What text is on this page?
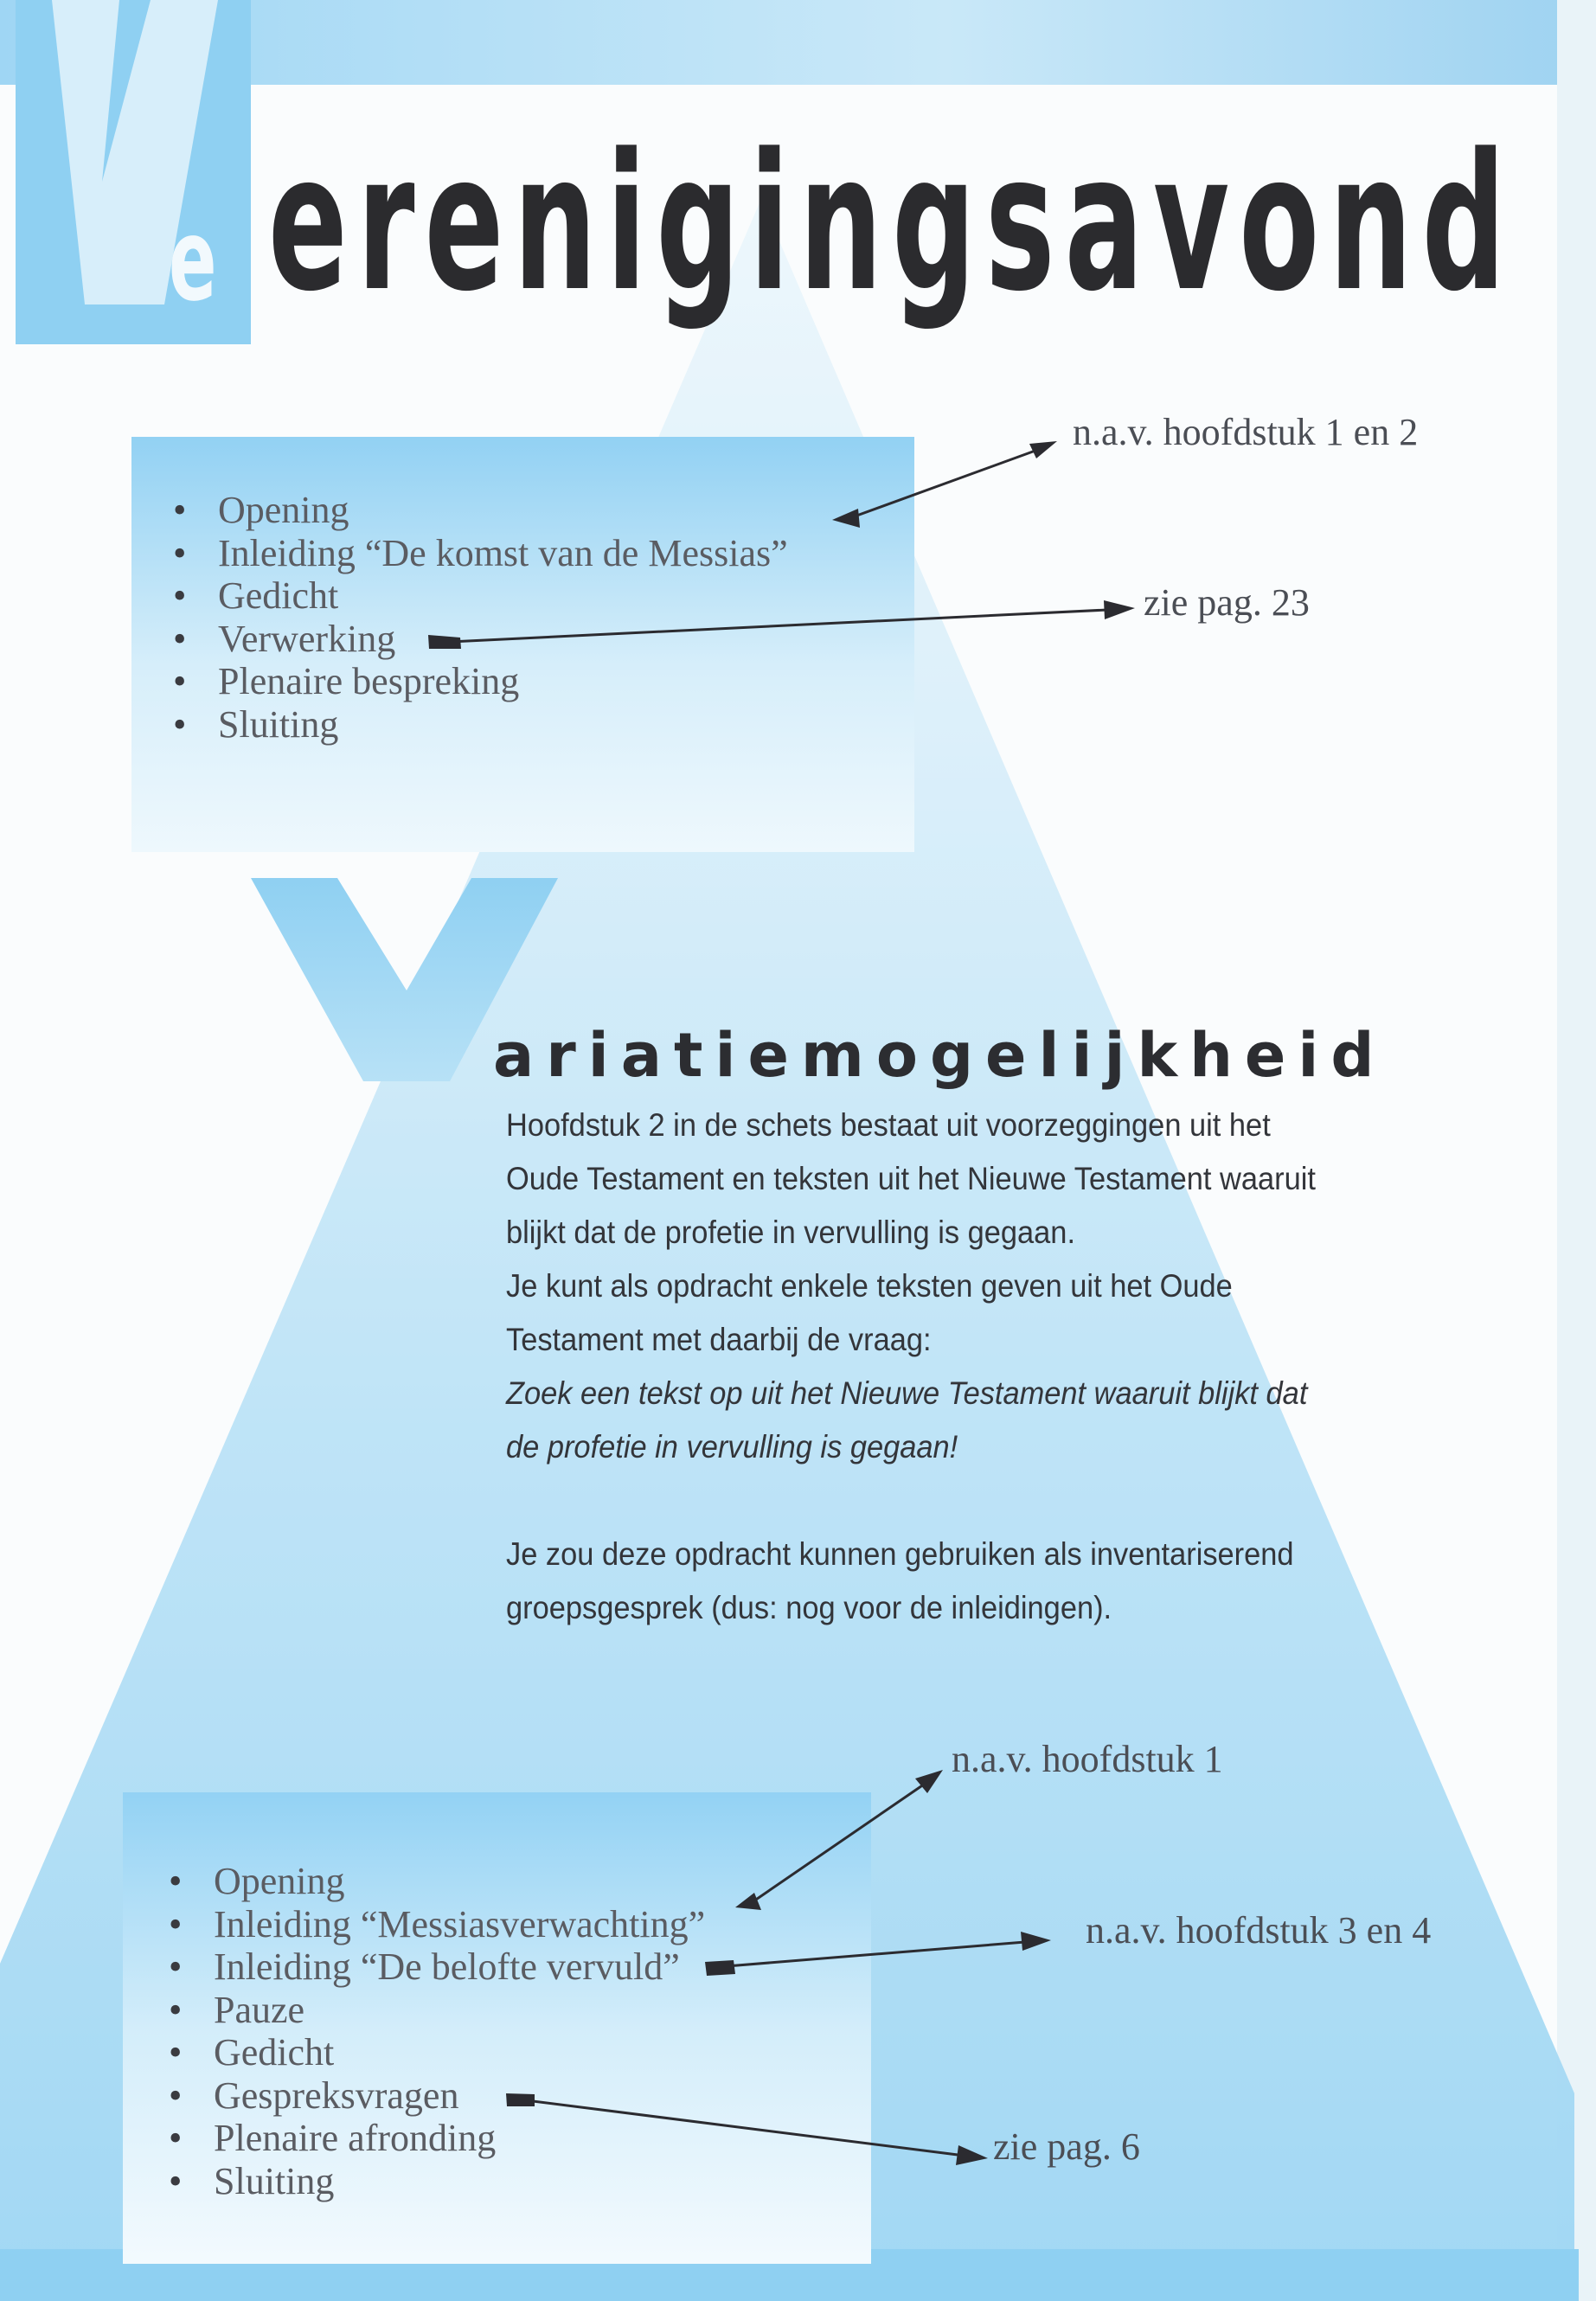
erenigingsavond
e
• Opening
• Inleiding “De komst van de Messias”
• Gedicht
• Verwerking
• Plenaire bespreking
• Sluiting
n.a.v. hoofdstuk 1 en 2
zie pag. 23
ariatiemogelijkheid

Hoofdstuk 2 in de schets bestaat uit voorzeggingen uit het

Oude Testament en teksten uit het Nieuwe Testament waaruit

blijkt dat de profetie in vervulling is gegaan.

Je kunt als opdracht enkele teksten geven uit het Oude

Testament met daarbij de vraag:

Zoek een tekst op uit het Nieuwe Testament waaruit blijkt dat

de profetie in vervulling is gegaan!

Je zou deze opdracht kunnen gebruiken als inventariserend

groepsgesprek (dus: nog voor de inleidingen).

• Opening
• Inleiding “Messiasverwachting”
• Inleiding “De belofte vervuld”
• Pauze
• Gedicht
• Gespreksvragen
• Plenaire afronding
• Sluiting
n.a.v. hoofdstuk 1
n.a.v. hoofdstuk 3 en 4
zie pag. 6
